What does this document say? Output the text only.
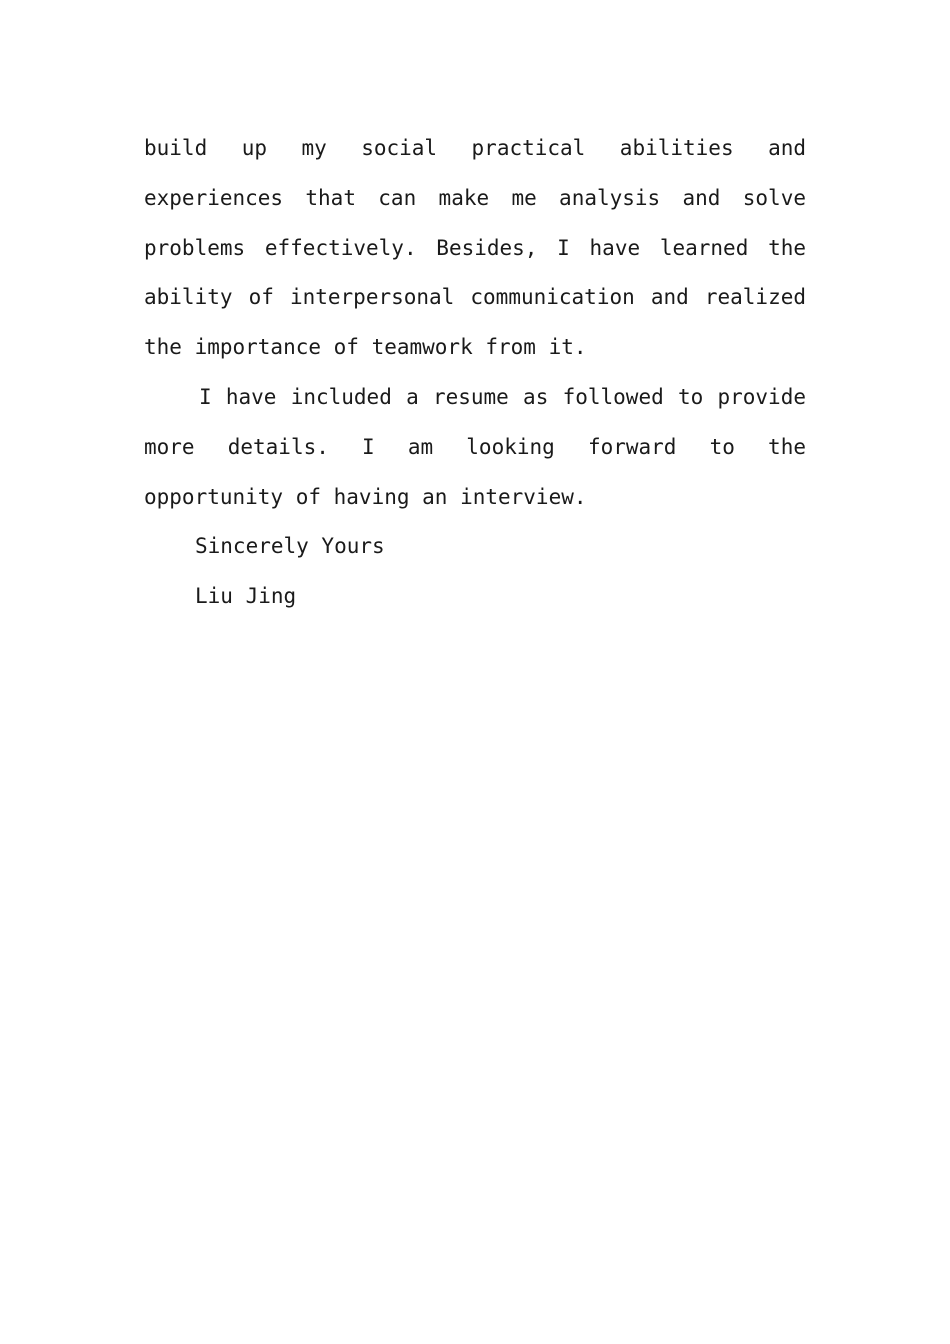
build up my social practical abilities and experiences that can make me analysis and solve problems effectively. Besides, I have learned the ability of interpersonal communication and realized the importance of teamwork from it.

I have included a resume as followed to provide more details. I am looking forward to the opportunity of having an interview.

Sincerely Yours

Liu Jing
